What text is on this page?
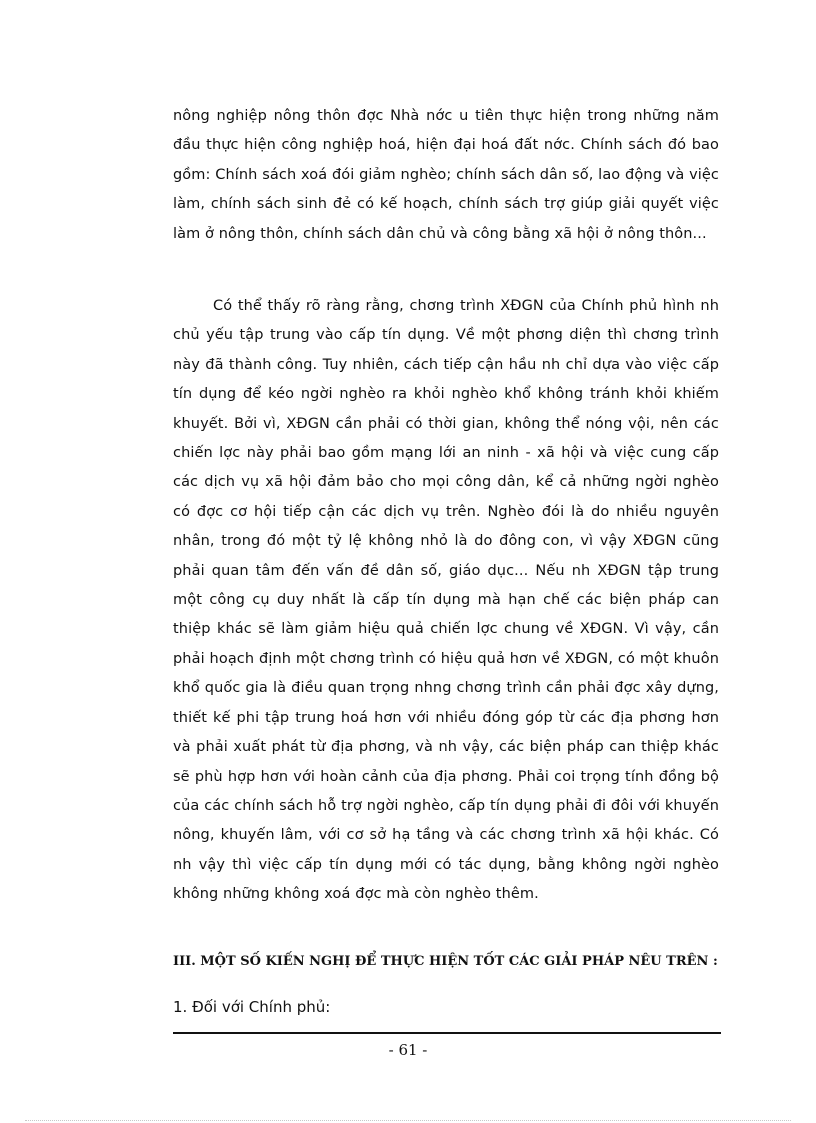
nông nghiệp nông thôn đợc Nhà nớc u tiên thực hiện trong những năm đầu thực hiện công nghiệp hoá, hiện đại hoá đất nớc. Chính sách đó bao gồm: Chính sách xoá đói giảm nghèo; chính sách dân số, lao động và việc làm, chính sách sinh đẻ có kế hoạch, chính sách trợ giúp giải quyết việc làm ở nông thôn, chính sách dân chủ và công bằng xã hội ở nông thôn...

Có thể thấy rõ ràng rằng, chơng trình XĐGN của Chính phủ hình nh chủ yếu tập trung vào cấp tín dụng. Về một phơng diện thì chơng trình này đã thành công. Tuy nhiên, cách tiếp cận hầu nh chỉ dựa vào việc cấp tín dụng để kéo ngời nghèo ra khỏi nghèo khổ không tránh khỏi khiếm khuyết. Bởi vì, XĐGN cần phải có thời gian, không thể nóng vội, nên các chiến lợc này phải bao gồm mạng lới an ninh - xã hội và việc cung cấp các dịch vụ xã hội đảm bảo cho mọi công dân, kể cả những ngời nghèo có đợc cơ hội tiếp cận các dịch vụ trên. Nghèo đói là do nhiều nguyên nhân, trong đó một tỷ lệ không nhỏ là do đông con, vì vậy XĐGN cũng phải quan tâm đến vấn đề dân số, giáo dục... Nếu nh XĐGN tập trung một công cụ duy nhất là cấp tín dụng mà hạn chế các biện pháp can thiệp khác sẽ làm giảm hiệu quả chiến lợc chung về XĐGN. Vì vậy, cần phải hoạch định một chơng trình có hiệu quả hơn về XĐGN, có một khuôn khổ quốc gia là điều quan trọng nhng chơng trình cần phải đợc xây dựng, thiết kế phi tập trung hoá hơn với nhiều đóng góp từ các địa phơng hơn và phải xuất phát từ địa phơng, và nh vậy, các biện pháp can thiệp khác sẽ phù hợp hơn với hoàn cảnh của địa phơng. Phải coi trọng tính đồng bộ của các chính sách hỗ trợ ngời nghèo, cấp tín dụng phải đi đôi với khuyến nông, khuyến lâm, với cơ sở hạ tầng và các chơng trình xã hội khác. Có nh vậy thì việc cấp tín dụng mới có tác dụng, bằng không ngời nghèo không những không xoá đợc mà còn nghèo thêm.

III. MỘT SỐ KIẾN NGHỊ ĐỂ THỰC HIỆN TỐT CÁC GIẢI PHÁP NÊU TRÊN :
1. Đối với Chính phủ:
- 61 -
